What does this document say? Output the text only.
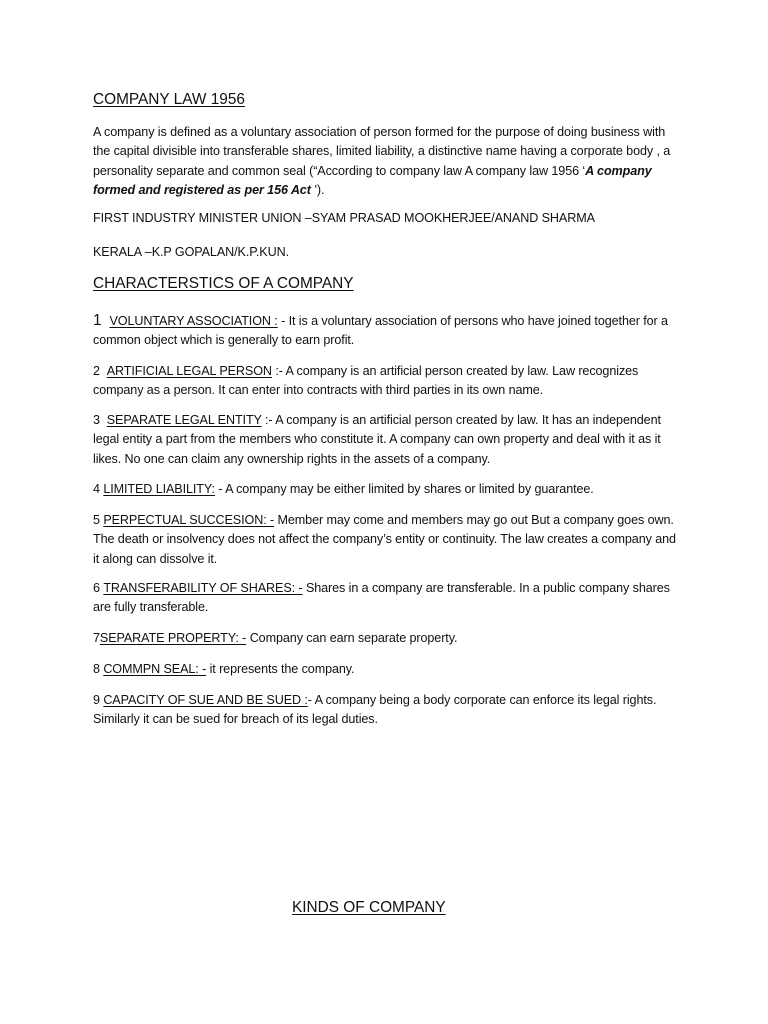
COMPANY LAW 1956

A company is defined as a voluntary association of person formed for the purpose of doing business with the capital divisible into transferable shares, limited liability, a distinctive name having a corporate body , a personality separate and common seal (“According to company law A company law 1956 ‘A company formed and registered as per 156 Act ’).

FIRST INDUSTRY MINISTER UNION –SYAM PRASAD MOOKHERJEE/ANAND SHARMA

KERALA –K.P GOPALAN/K.P.KUN.

CHARACTERSTICS OF A COMPANY

1 VOLUNTARY ASSOCIATION : - It is a voluntary association of persons who have joined together for a common object which is generally to earn profit.

2 ARTIFICIAL LEGAL PERSON :- A company is an artificial person created by law. Law recognizes company as a person. It can enter into contracts with third parties in its own name.

3 SEPARATE LEGAL ENTITY :- A company is an artificial person created by law. It has an independent legal entity a part from the members who constitute it. A company can own property and deal with it as it likes. No one can claim any ownership rights in the assets of a company.

4 LIMITED LIABILITY: - A company may be either limited by shares or limited by guarantee.

5 PERPECTUAL SUCCESION: - Member may come and members may go out But a company goes own. The death or insolvency does not affect the company’s entity or continuity. The law creates a company and it along can dissolve it.

6 TRANSFERABILITY OF SHARES: - Shares in a company are transferable. In a public company shares are fully transferable.

7SEPARATE PROPERTY: - Company can earn separate property.

8 COMMPN SEAL: - it represents the company.

9 CAPACITY OF SUE AND BE SUED :- A company being a body corporate can enforce its legal rights. Similarly it can be sued for breach of its legal duties.

KINDS OF COMPANY
